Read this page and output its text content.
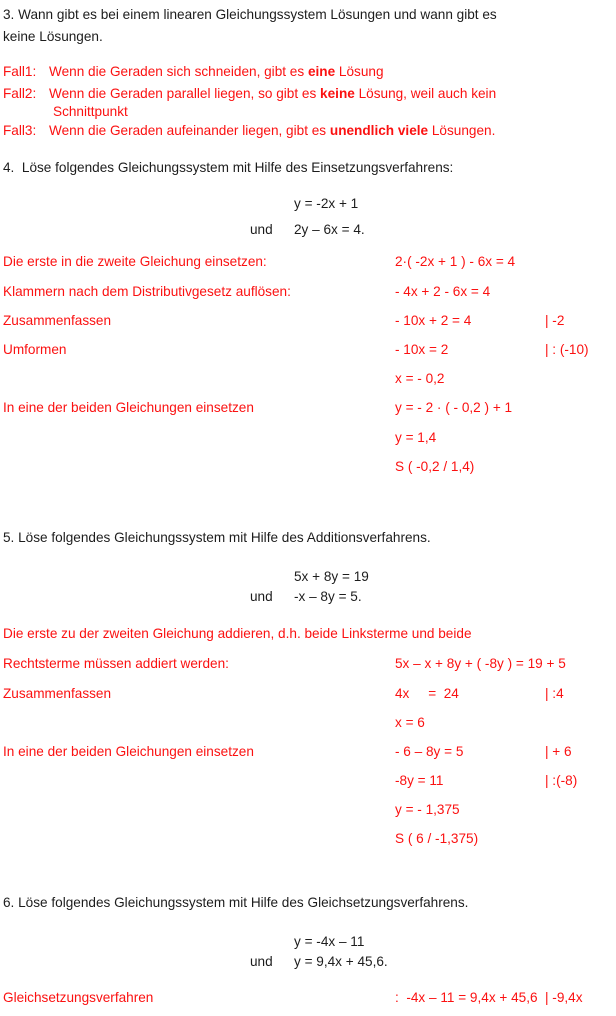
3. Wann gibt es bei einem linearen Gleichungssystem Lösungen und wann gibt es
keine Lösungen.
Fall1: Wenn die Geraden sich schneiden, gibt es eine Lösung
Fall2: Wenn die Geraden parallel liegen, so gibt es keine Lösung, weil auch kein
Schnittpunkt
Fall3: Wenn die Geraden aufeinander liegen, gibt es unendlich viele Lösungen.
4.  Löse folgendes Gleichungssystem mit Hilfe des Einsetzungsverfahrens:
y = -2x + 1
und 2y – 6x = 4.
Die erste in die zweite Gleichung einsetzen:	2·( -2x + 1 ) - 6x = 4
Klammern nach dem Distributivgesetz auflösen:	- 4x + 2 - 6x = 4
Zusammenfassen	- 10x + 2 = 4	| -2
Umformen	- 10x = 2	| : (-10)
x = - 0,2
In eine der beiden Gleichungen einsetzen	y = - 2 · ( - 0,2 ) + 1
y = 1,4
S ( -0,2 / 1,4)
5. Löse folgendes Gleichungssystem mit Hilfe des Additionsverfahrens.
5x + 8y = 19
und -x – 8y = 5.
Die erste zu der zweiten Gleichung addieren, d.h. beide Linksterme und beide
Rechtsterme müssen addiert werden:	5x – x + 8y + ( -8y ) = 19 + 5
Zusammenfassen	4x     =  24	| :4
x = 6
In eine der beiden Gleichungen einsetzen	- 6 – 8y = 5	| + 6
-8y = 11	| :(-8)
y = - 1,375
S ( 6 / -1,375)
6. Löse folgendes Gleichungssystem mit Hilfe des Gleichsetzungsverfahrens.
y = -4x – 11
und y = 9,4x + 45,6.
Gleichsetzungsverfahren	:  -4x – 11 = 9,4x + 45,6 | -9,4x
